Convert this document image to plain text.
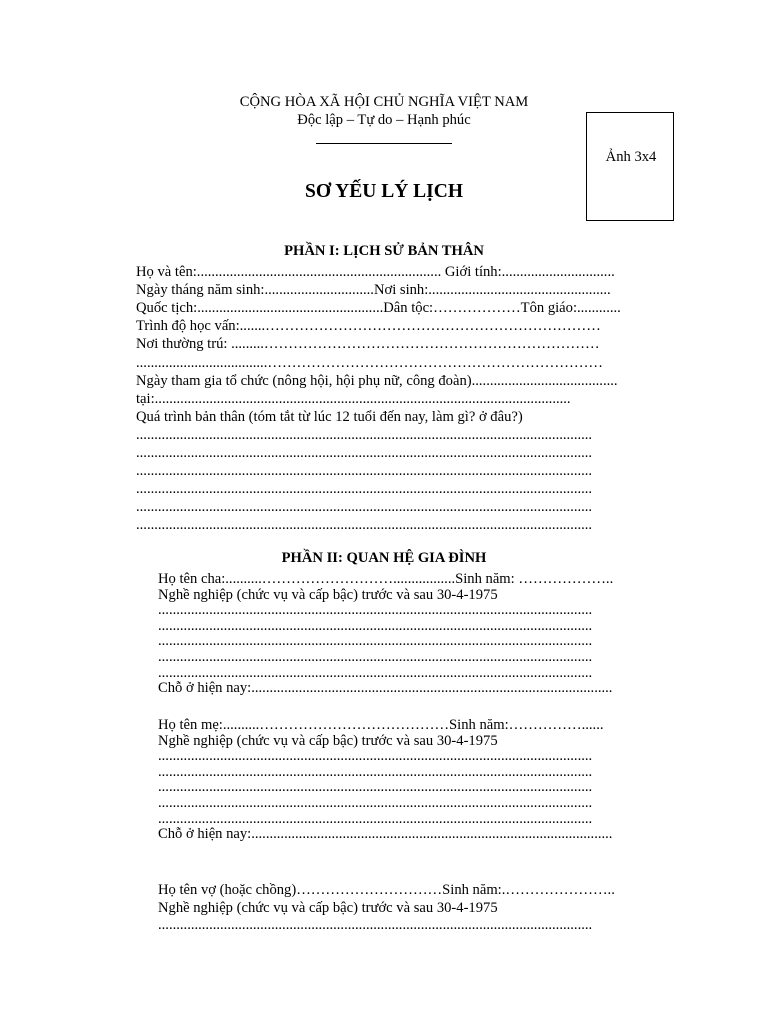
CỘNG HÒA XÃ HỘI CHỦ NGHĨA VIỆT NAM
Độc lập – Tự do – Hạnh phúc
Ảnh 3x4
SƠ YẾU LÝ LỊCH
PHẦN I: LỊCH SỬ BẢN THÂN
Họ và tên:................................................................... Giới tính:...............................
Ngày tháng năm sinh:..............................Nơi sinh:..................................................
Quốc tịch:...................................................Dân tộc:………………Tôn giáo:............
Trình độ học vấn:.......……………………………………………………………
Nơi thường trú: .........……………………………………………………………
....................................……………………………………………………………
Ngày tham gia tổ chức (nông hội, hội phụ nữ, công đoàn)........................................
tại:..................................................................................................................
Quá trình bản thân (tóm tắt từ lúc 12 tuổi đến nay, làm gì? ở đâu?)
.............................................................................................................................
.............................................................................................................................
.............................................................................................................................
.............................................................................................................................
.............................................................................................................................
.............................................................................................................................
PHẦN II: QUAN HỆ GIA ĐÌNH
Họ tên cha:..........……………………….................Sinh năm: ………………..
Nghề nghiệp (chức vụ và cấp bậc) trước và sau 30-4-1975
.......................................................................................................................
.......................................................................................................................
.......................................................................................................................
.......................................................................................................................
.......................................................................................................................
Chỗ ở hiện nay:...................................................................................................
Họ tên mẹ:..........…………………………………Sinh năm:……………......
Nghề nghiệp (chức vụ và cấp bậc) trước và sau 30-4-1975
.......................................................................................................................
.......................................................................................................................
.......................................................................................................................
.......................................................................................................................
.......................................................................................................................
Chỗ ở hiện nay:...................................................................................................
Họ tên vợ (hoặc chồng)…………………………Sinh năm:.…………………..
Nghề nghiệp (chức vụ và cấp bậc) trước và sau 30-4-1975
.......................................................................................................................
